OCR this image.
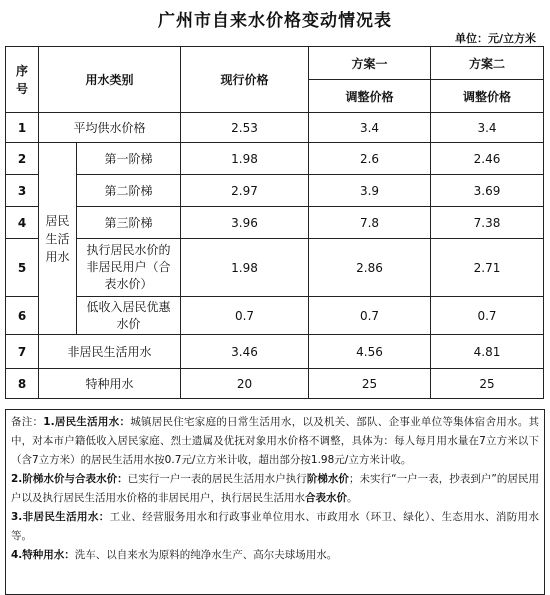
广州市自来水价格变动情况表
单位：元/立方米
序号	用水类别		现行价格	方案一	方案二
				调整价格	调整价格
1	平均供水价格		2.53	3.4	3.4
2	居民生活用水	第一阶梯	1.98	2.6	2.46
3		第二阶梯	2.97	3.9	3.69
4		第三阶梯	3.96	7.8	7.38
5		执行居民水价的非居民用户（合表水价）	1.98	2.86	2.71
6		低收入居民优惠水价	0.7	0.7	0.7
7	非居民生活用水		3.46	4.56	4.81
8	特种用水		20	25	25

备注：1.居民生活用水：城镇居民住宅家庭的日常生活用水，以及机关、部队、企事业单位等集体宿舍用水。其中，对本市户籍低收入居民家庭、烈士遗属及优抚对象用水价格不调整，具体为：每人每月用水量在7立方米以下（含7立方米）的居民生活用水按0.7元/立方米计收，超出部分按1.98元/立方米计收。

2.阶梯水价与合表水价：已实行一户一表的居民生活用水户执行阶梯水价；未实行“一户一表，抄表到户”的居民用户以及执行居民生活用水价格的非居民用户，执行居民生活用水合表水价。

3.非居民生活用水：工业、经营服务用水和行政事业单位用水、市政用水（环卫、绿化）、生态用水、消防用水等。

4.特种用水：洗车、以自来水为原料的纯净水生产、高尔夫球场用水。
